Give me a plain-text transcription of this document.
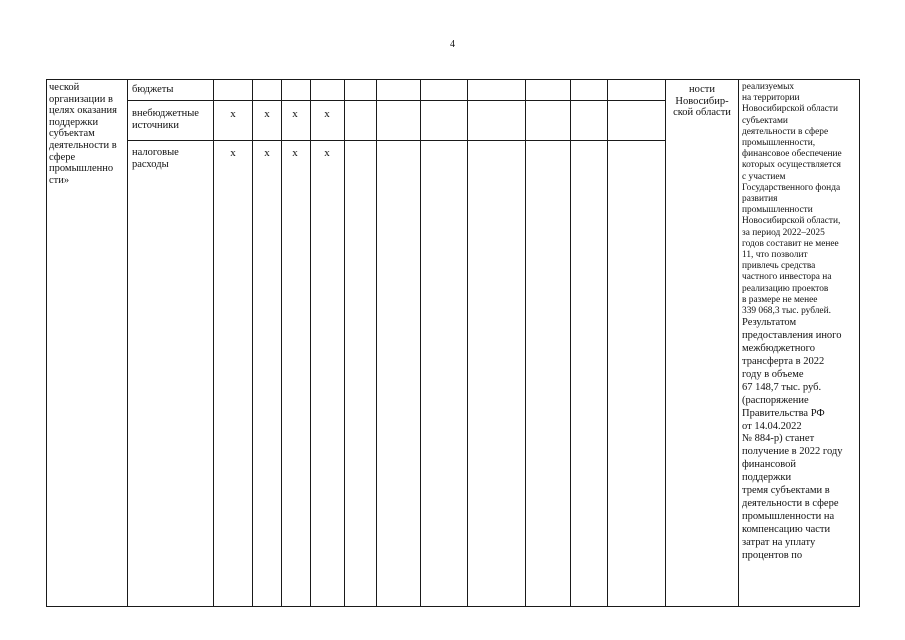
4
ческой
организации в
целях оказания
поддержки
субъектам
деятельности в
сфере
промышленно
сти»
бюджеты
внебюджетные
источники
налоговые
расходы
х	х х х
х	х х х
ности
Новосибир-
ской области
реализуемых
на территории
Новосибирской области
субъектами
деятельности в сфере
промышленности,
финансовое обеспечение
которых осуществляется
с участием
Государственного фонда
развития
промышленности
Новосибирской области,
за период 2022–2025
годов составит не менее
11, что позволит
привлечь средства
частного инвестора на
реализацию проектов
в размере не менее
339 068,3 тыс. рублей.
Результатом
предоставления иного
межбюджетного
трансферта в 2022
году в объеме
67 148,7 тыс. руб.
(распоряжение
Правительства РФ
от 14.04.2022
№ 884-р) станет
получение в 2022 году
финансовой
поддержки
тремя субъектами в
деятельности в сфере
промышленности на
компенсацию части
затрат на уплату
процентов по
